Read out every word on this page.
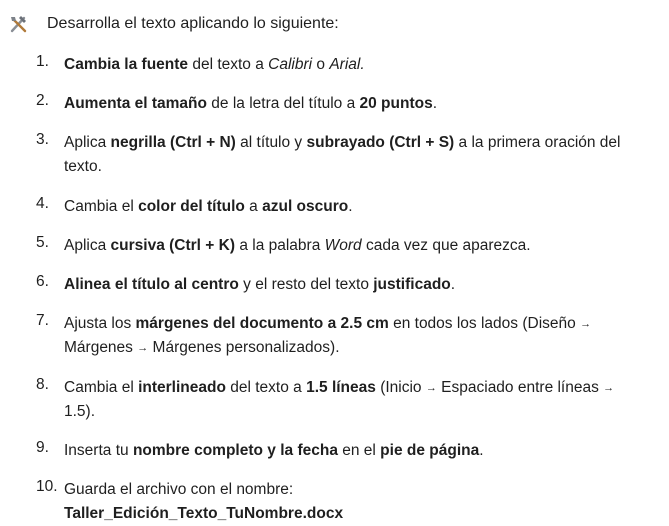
Desarrolla el texto aplicando lo siguiente:
1. Cambia la fuente del texto a Calibri o Arial.
2. Aumenta el tamaño de la letra del título a 20 puntos.
3. Aplica negrilla (Ctrl + N) al título y subrayado (Ctrl + S) a la primera oración del
texto.
4. Cambia el color del título a azul oscuro.
5. Aplica cursiva (Ctrl + K) a la palabra Word cada vez que aparezca.
6. Alinea el título al centro y el resto del texto justificado.
7. Ajusta los márgenes del documento a 2.5 cm en todos los lados (Diseño →
Márgenes → Márgenes personalizados).
8. Cambia el interlineado del texto a 1.5 líneas (Inicio → Espaciado entre líneas →
1.5).
9. Inserta tu nombre completo y la fecha en el pie de página.
10. Guarda el archivo con el nombre:
Taller_Edición_Texto_TuNombre.docx
